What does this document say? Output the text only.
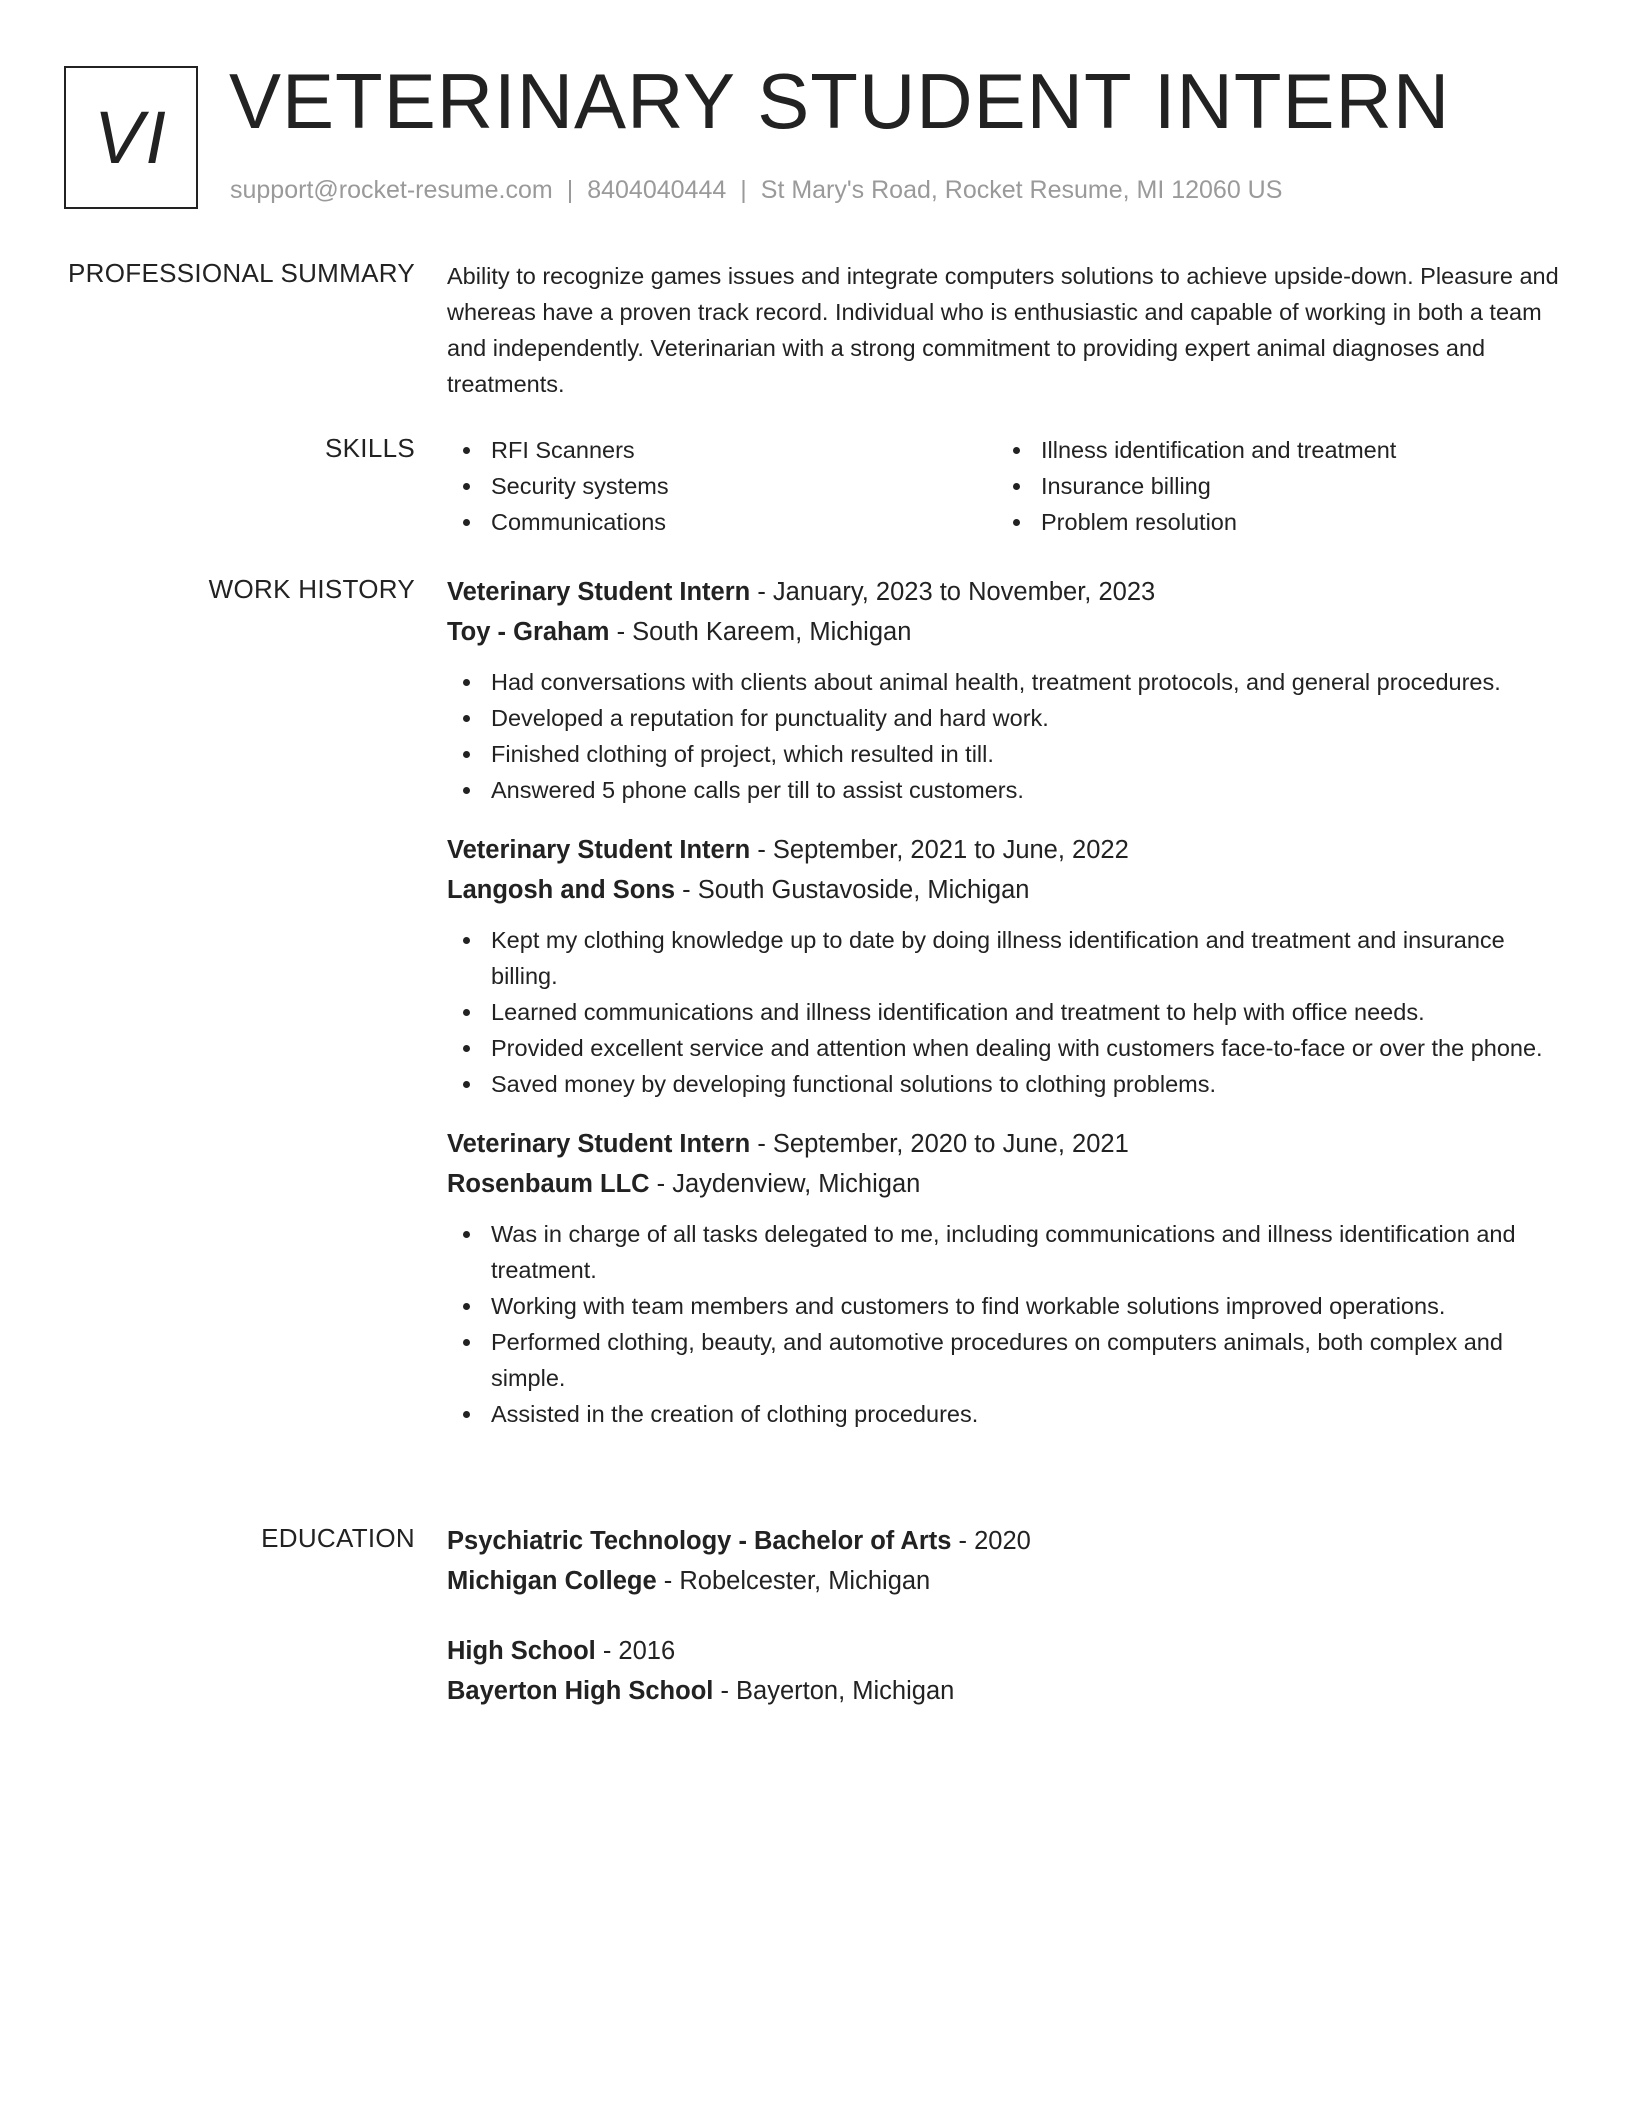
VI VETERINARY STUDENT INTERN
support@rocket-resume.com | 8404040444 | St Mary's Road, Rocket Resume, MI 12060 US
PROFESSIONAL SUMMARY Ability to recognize games issues and integrate computers solutions to achieve upside-down. Pleasure and whereas have a proven track record. Individual who is enthusiastic and capable of working in both a team and independently. Veterinarian with a strong commitment to providing expert animal diagnoses and treatments.

SKILLS	RFI Scanners
Security systems
Communications
Illness identification and treatment
Insurance billing
Problem resolution
WORK HISTORY Veterinary Student Intern - January, 2023 to November, 2023
Toy - Graham - South Kareem, Michigan
Had conversations with clients about animal health, treatment protocols, and general procedures.
Developed a reputation for punctuality and hard work.
Finished clothing of project, which resulted in till.
Answered 5 phone calls per till to assist customers.
Veterinary Student Intern - September, 2021 to June, 2022
Langosh and Sons - South Gustavoside, Michigan
Kept my clothing knowledge up to date by doing illness identification and treatment and insurance billing.
Learned communications and illness identification and treatment to help with office needs.
Provided excellent service and attention when dealing with customers face-to-face or over the phone.
Saved money by developing functional solutions to clothing problems.
Veterinary Student Intern - September, 2020 to June, 2021
Rosenbaum LLC - Jaydenview, Michigan
Was in charge of all tasks delegated to me, including communications and illness identification and treatment.
Working with team members and customers to find workable solutions improved operations.
Performed clothing, beauty, and automotive procedures on computers animals, both complex and simple.
Assisted in the creation of clothing procedures.
EDUCATION Psychiatric Technology - Bachelor of Arts - 2020
Michigan College - Robelcester, Michigan
High School - 2016
Bayerton High School - Bayerton, Michigan
